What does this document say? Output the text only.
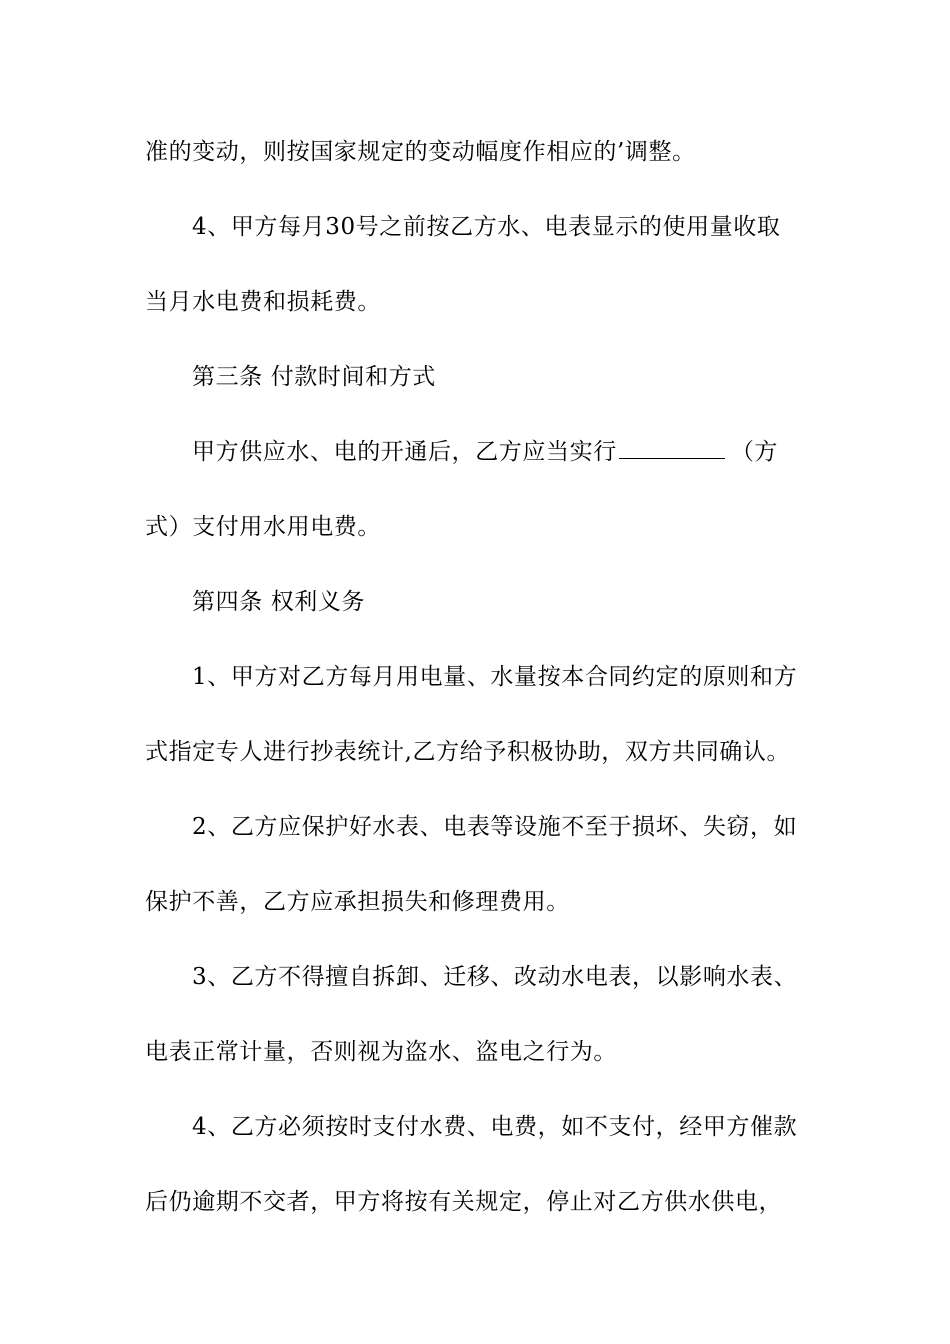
准的变动，则按国家规定的变动幅度作相应的’调整。
4、甲方每月30号之前按乙方水、电表显示的使用量收取
当月水电费和损耗费。
第三条 付款时间和方式
甲方供应水、电的开通后，乙方应当实行	（方
式）支付用水用电费。
第四条 权利义务
1、甲方对乙方每月用电量、水量按本合同约定的原则和方
式指定专人进行抄表统计,乙方给予积极协助，双方共同确认。
2、乙方应保护好水表、电表等设施不至于损坏、失窃，如
保护不善，乙方应承担损失和修理费用。
3、乙方不得擅自拆卸、迁移、改动水电表，以影响水表、
电表正常计量，否则视为盗水、盗电之行为。
4、乙方必须按时支付水费、电费，如不支付，经甲方催款
后仍逾期不交者，甲方将按有关规定，停止对乙方供水供电，
